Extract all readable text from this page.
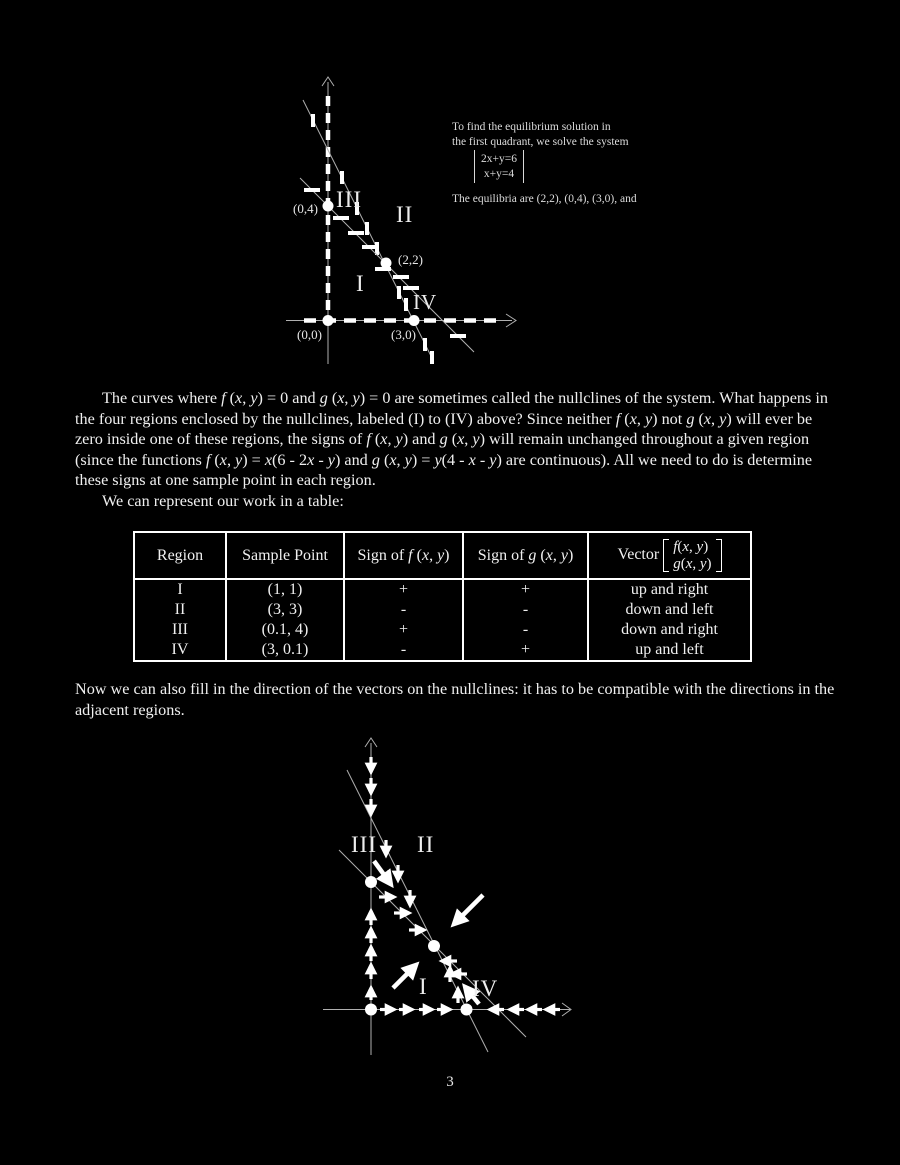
(0,4)
(2,2)
(0,0)	(3,0)
III
II
I
IV
To find the equilibrium solution in
the first quadrant, we solve the system
2x+y=6
x+y=4
The equilibria are (2,2), (0,4), (3,0), and

The curves where f (x, y) = 0 and g (x, y) = 0 are sometimes called the nullclines of the system. What happens in the four regions enclosed by the nullclines, labeled (I) to (IV) above? Since neither f (x, y) not g (x, y) will ever be zero inside one of these regions, the signs of f (x, y) and g (x, y) will remain unchanged throughout a given region (since the functions f (x, y) = x(6 - 2x - y) and g (x, y) = y(4 - x - y) are continuous). All we need to do is determine these signs at one sample point in each region.

We can represent our work in a table:

Region	Sample Point	Sign of f (x, y)	Sign of g (x, y)	Vector f(x, y)
g(x, y)

I	(1, 1)	+	+	up and right
II	(3, 3)	-	-	down and left
III	(0.1, 4)	+	-	down and right
IV	(3, 0.1)	-	+	up and left
Now we can also fill in the direction of the vectors on the nullclines: it has to be compatible with the directions in the adjacent regions.
III II
I IV
3
